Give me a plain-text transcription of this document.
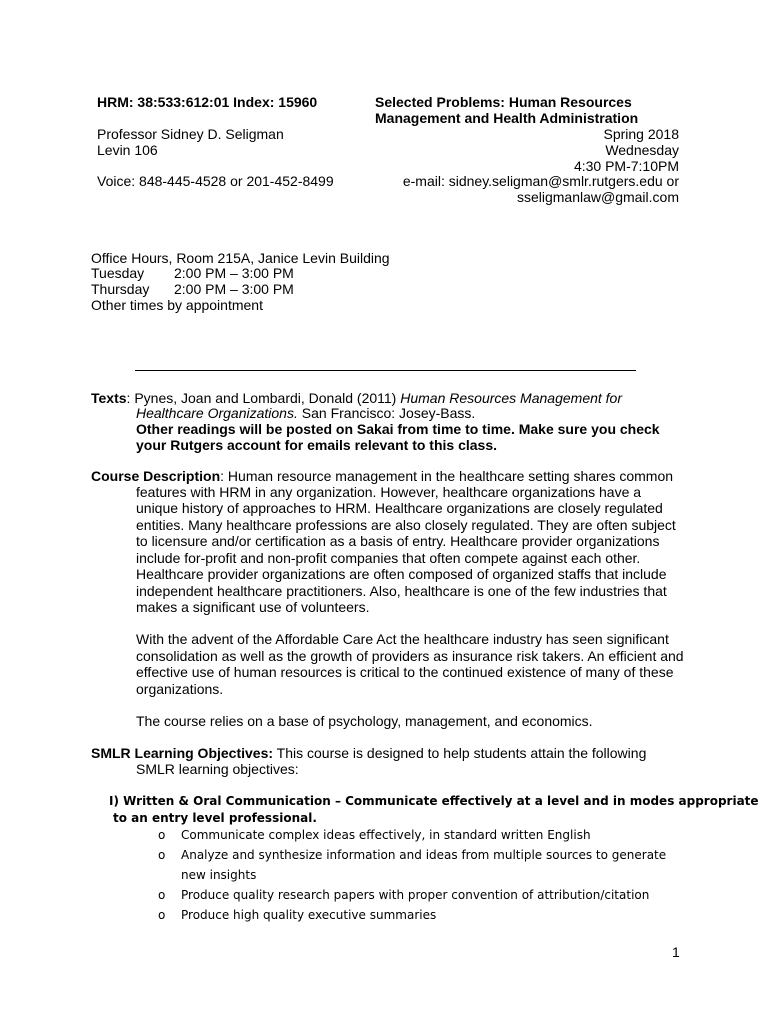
HRM: 38:533:612:01 Index: 15960	Selected Problems: Human Resources
Management and Health Administration
Professor Sidney D. Seligman
Levin 106
Voice: 848-445-4528 or 201-452-8499
Spring 2018
Wednesday
4:30 PM-7:10PM
e-mail: sidney.seligman@smlr.rutgers.edu or
sseligmanlaw@gmail.com
Office Hours, Room 215A, Janice Levin Building
Tuesday 2:00 PM – 3:00 PM
Thursday 2:00 PM – 3:00 PM
Other times by appointment
Texts: Pynes, Joan and Lombardi, Donald (2011) Human Resources Management for
Healthcare Organizations. San Francisco: Josey-Bass.
Other readings will be posted on Sakai from time to time. Make sure you check
your Rutgers account for emails relevant to this class.
Course Description: Human resource management in the healthcare setting shares common
features with HRM in any organization. However, healthcare organizations have a
unique history of approaches to HRM. Healthcare organizations are closely regulated
entities. Many healthcare professions are also closely regulated. They are often subject
to licensure and/or certification as a basis of entry. Healthcare provider organizations
include for-profit and non-profit companies that often compete against each other.
Healthcare provider organizations are often composed of organized staffs that include
independent healthcare practitioners. Also, healthcare is one of the few industries that
makes a significant use of volunteers.
With the advent of the Affordable Care Act the healthcare industry has seen significant
consolidation as well as the growth of providers as insurance risk takers. An efficient and
effective use of human resources is critical to the continued existence of many of these
organizations.
The course relies on a base of psychology, management, and economics.
SMLR Learning Objectives: This course is designed to help students attain the following
SMLR learning objectives:
I) Written & Oral Communication – Communicate effectively at a level and in modes appropriate
to an entry level professional.
o Communicate complex ideas effectively, in standard written English
o Analyze and synthesize information and ideas from multiple sources to generate new insights
o Produce quality research papers with proper convention of attribution/citation
o Produce high quality executive summaries
1
